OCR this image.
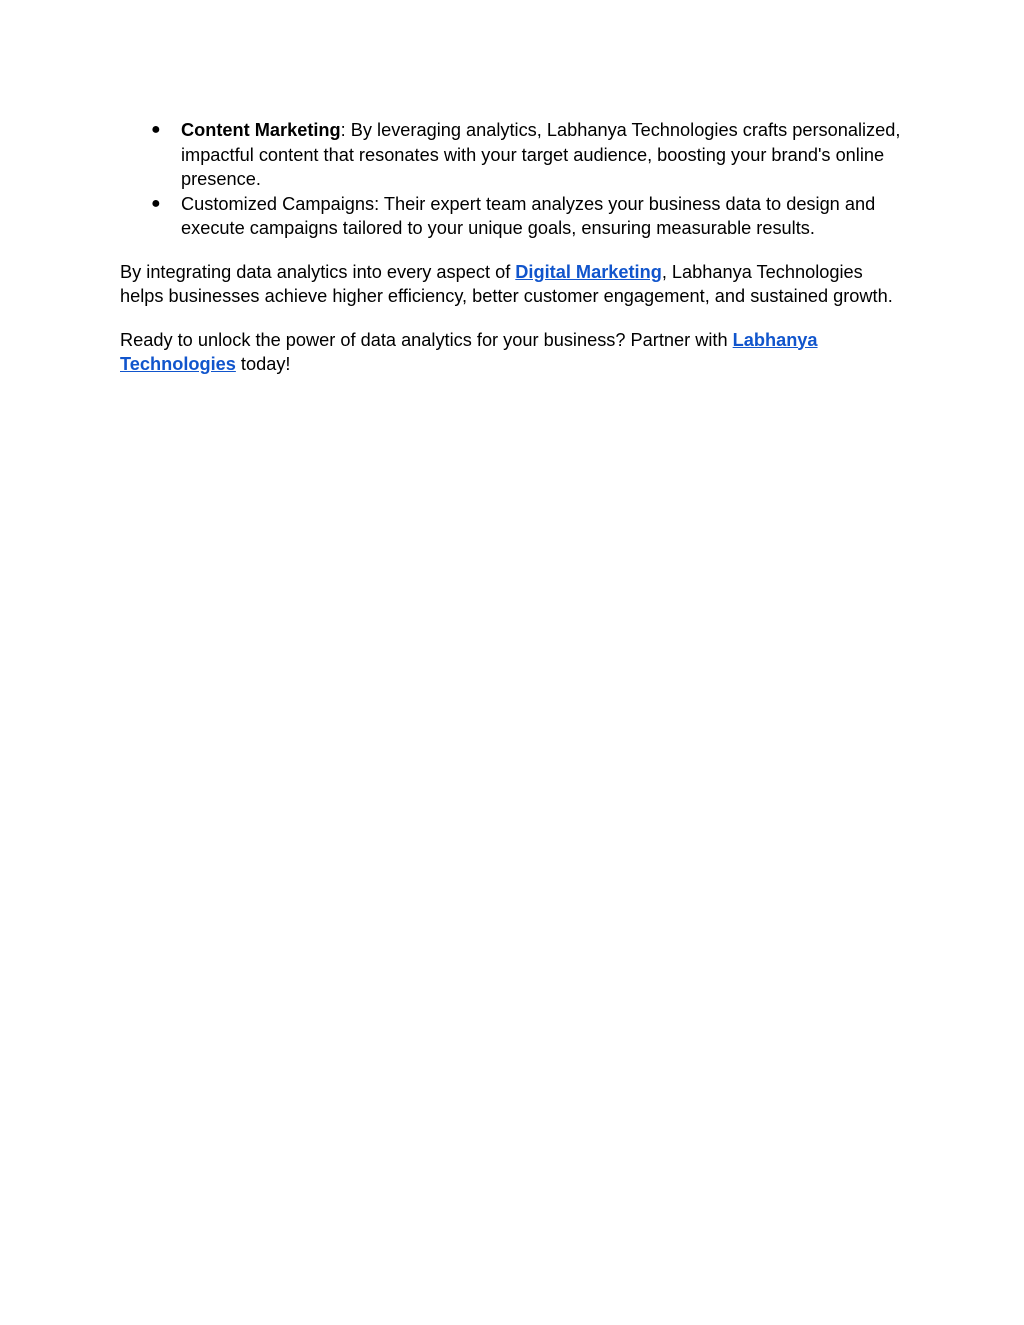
● Content Marketing: By leveraging analytics, Labhanya Technologies crafts personalized, impactful content that resonates with your target audience, boosting your brand's online presence.
● Customized Campaigns: Their expert team analyzes your business data to design and execute campaigns tailored to your unique goals, ensuring measurable results.

By integrating data analytics into every aspect of Digital Marketing, Labhanya Technologies helps businesses achieve higher efficiency, better customer engagement, and sustained growth.

Ready to unlock the power of data analytics for your business? Partner with Labhanya Technologies today!
